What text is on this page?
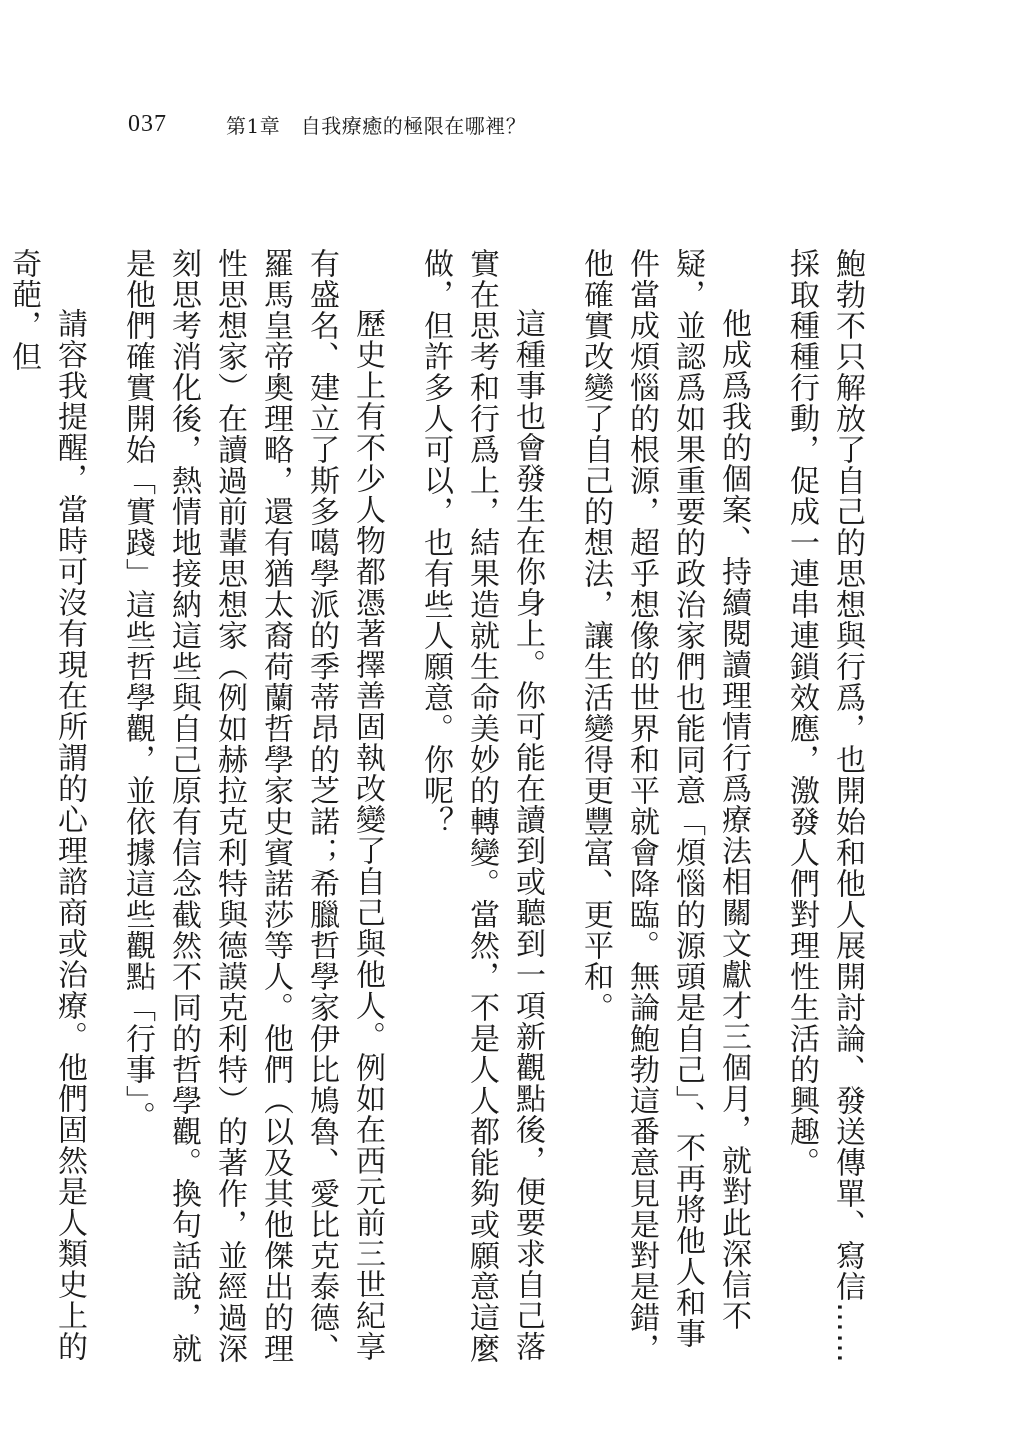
037	第1章　自我療癒的極限在哪裡？

鮑勃不只解放了自己的思想與行爲，也開始和他人展開討論、發送傳單、寫信……採取種種行動，促成一連串連鎖效應，激發人們對理性生活的興趣。

他成爲我的個案、持續閱讀理情行爲療法相關文獻才三個月，就對此深信不疑，並認爲如果重要的政治家們也能同意「煩惱的源頭是自己」、不再將他人和事件當成煩惱的根源，超乎想像的世界和平就會降臨。無論鮑勃這番意見是對是錯，他確實改變了自己的想法，讓生活變得更豐富、更平和。

這種事也會發生在你身上。你可能在讀到或聽到一項新觀點後，便要求自己落實在思考和行爲上，結果造就生命美妙的轉變。當然，不是人人都能夠或願意這麼做，但許多人可以，也有些人願意。你呢？

歷史上有不少人物都憑著擇善固執改變了自己與他人。例如在西元前三世紀享有盛名、建立了斯多噶學派的季蒂昂的芝諾；希臘哲學家伊比鳩魯、愛比克泰德、羅馬皇帝奧理略，還有猶太裔荷蘭哲學家史賓諾莎等人。他們（以及其他傑出的理性思想家）在讀過前輩思想家（例如赫拉克利特與德謨克利特）的著作，並經過深刻思考消化後，熱情地接納這些與自己原有信念截然不同的哲學觀。換句話說，就是他們確實開始「實踐」這些哲學觀，並依據這些觀點「行事」。

請容我提醒，當時可沒有現在所謂的心理諮商或治療。他們固然是人類史上的奇葩，但
